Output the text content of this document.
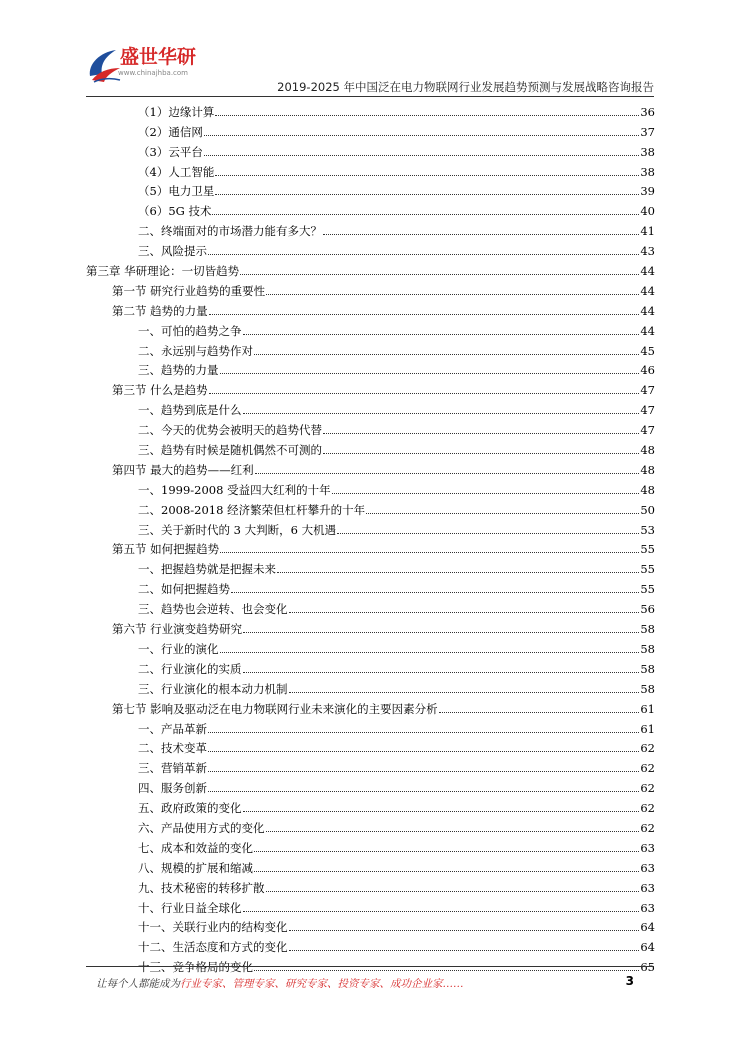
盛世华研
www.chinajhba.com
2019-2025 年中国泛在电力物联网行业发展趋势预测与发展战略咨询报告
（1）边缘计算	36
（2）通信网	37
（3）云平台	38
（4）人工智能	38
（5）电力卫星	39
（6）5G 技术	40
二、终端面对的市场潜力能有多大？	41
三、风险提示	43
第三章 华研理论：一切皆趋势	44
第一节 研究行业趋势的重要性	44
第二节 趋势的力量	44
一、可怕的趋势之争	44
二、永远别与趋势作对	45
三、趋势的力量	46
第三节 什么是趋势	47
一、趋势到底是什么	47
二、今天的优势会被明天的趋势代替	47
三、趋势有时候是随机偶然不可测的	48
第四节 最大的趋势——红利	48
一、1999-2008 受益四大红利的十年	48
二、2008-2018 经济繁荣但杠杆攀升的十年	50
三、关于新时代的 3 大判断，6 大机遇	53
第五节 如何把握趋势	55
一、把握趋势就是把握未来	55
二、如何把握趋势	55
三、趋势也会逆转、也会变化	56
第六节 行业演变趋势研究	58
一、行业的演化	58
二、行业演化的实质	58
三、行业演化的根本动力机制	58
第七节 影响及驱动泛在电力物联网行业未来演化的主要因素分析	61
一、产品革新	61
二、技术变革	62
三、营销革新	62
四、服务创新	62
五、政府政策的变化	62
六、产品使用方式的变化	62
七、成本和效益的变化	63
八、规模的扩展和缩减	63
九、技术秘密的转移扩散	63
十、行业日益全球化	63
十一、关联行业内的结构变化	64
十二、生活态度和方式的变化	64
十三、竞争格局的变化	65
让每个人都能成为行业专家、管理专家、研究专家、投资专家、成功企业家……	3
